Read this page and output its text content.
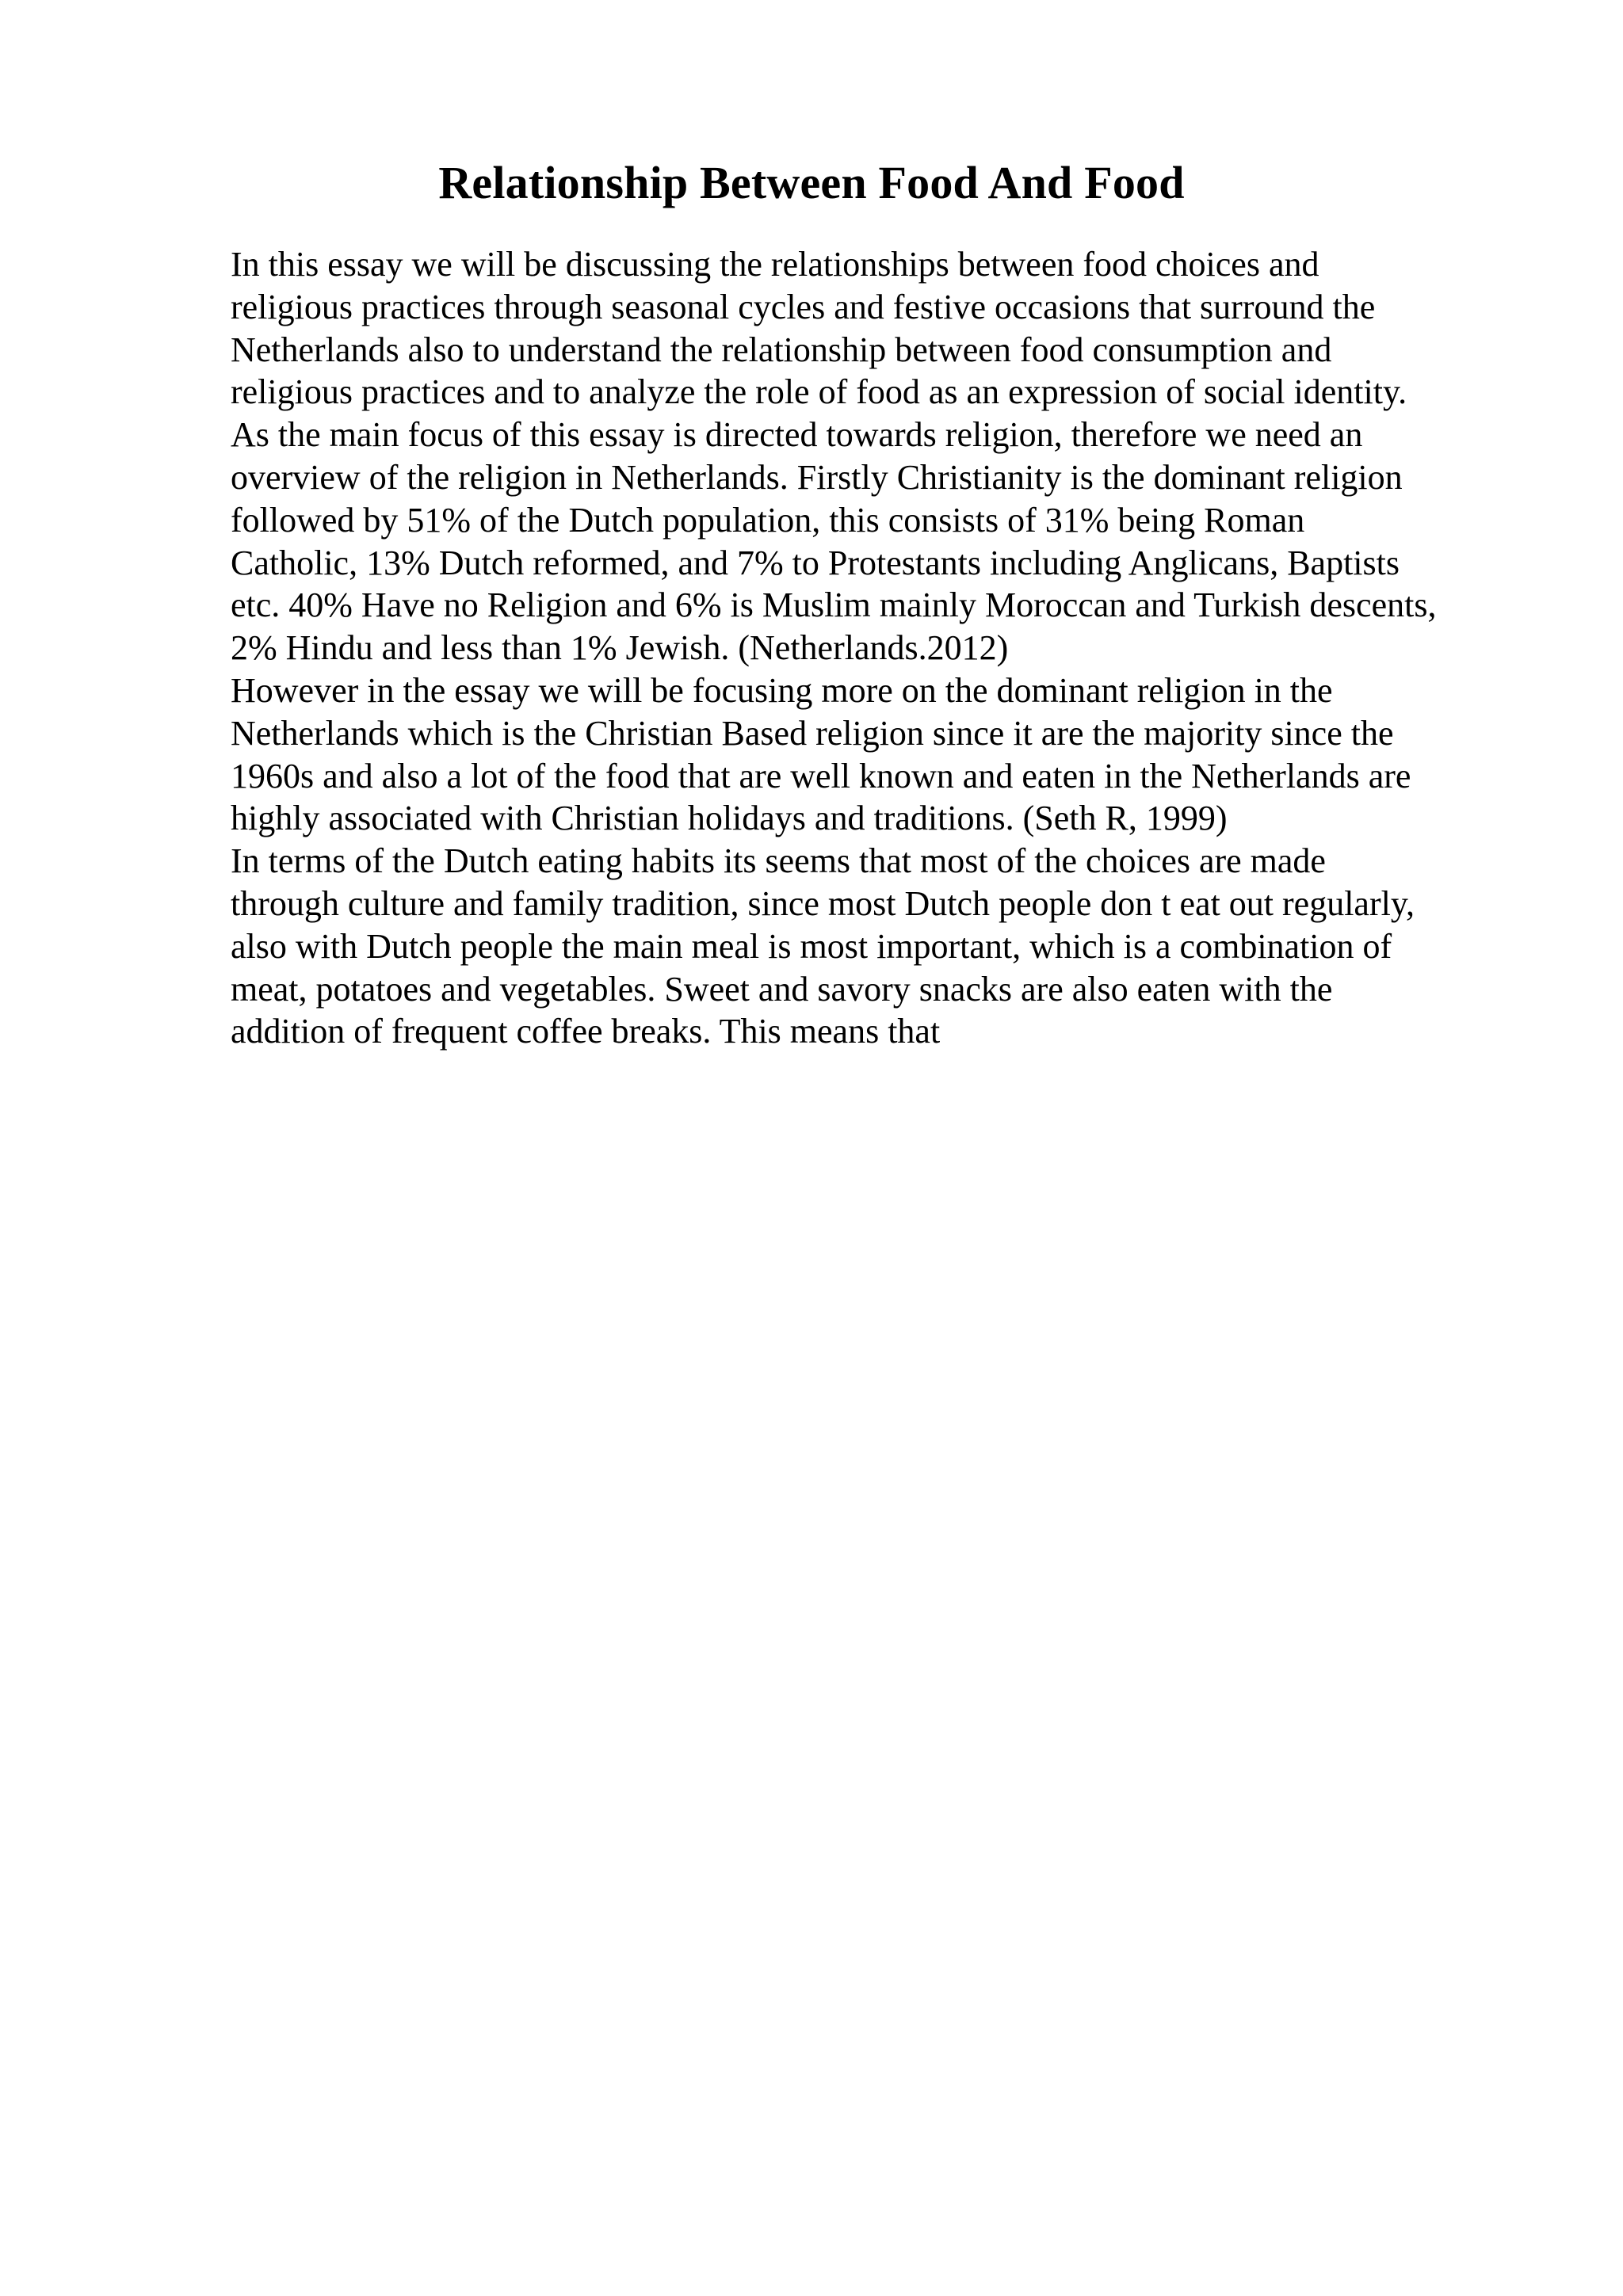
Relationship Between Food And Food
In this essay we will be discussing the relationships between food choices and
religious practices through seasonal cycles and festive occasions that surround the
Netherlands also to understand the relationship between food consumption and
religious practices and to analyze the role of food as an expression of social identity.
As the main focus of this essay is directed towards religion, therefore we need an
overview of the religion in Netherlands. Firstly Christianity is the dominant religion
followed by 51% of the Dutch population, this consists of 31% being Roman
Catholic, 13% Dutch reformed, and 7% to Protestants including Anglicans, Baptists
etc. 40% Have no Religion and 6% is Muslim mainly Moroccan and Turkish descents,
2% Hindu and less than 1% Jewish. (Netherlands.2012)
However in the essay we will be focusing more on the dominant religion in the
Netherlands which is the Christian Based religion since it are the majority since the
1960s and also a lot of the food that are well known and eaten in the Netherlands are
highly associated with Christian holidays and traditions. (Seth R, 1999)
In terms of the Dutch eating habits its seems that most of the choices are made
through culture and family tradition, since most Dutch people don t eat out regularly,
also with Dutch people the main meal is most important, which is a combination of
meat, potatoes and vegetables. Sweet and savory snacks are also eaten with the
addition of frequent coffee breaks. This means that
